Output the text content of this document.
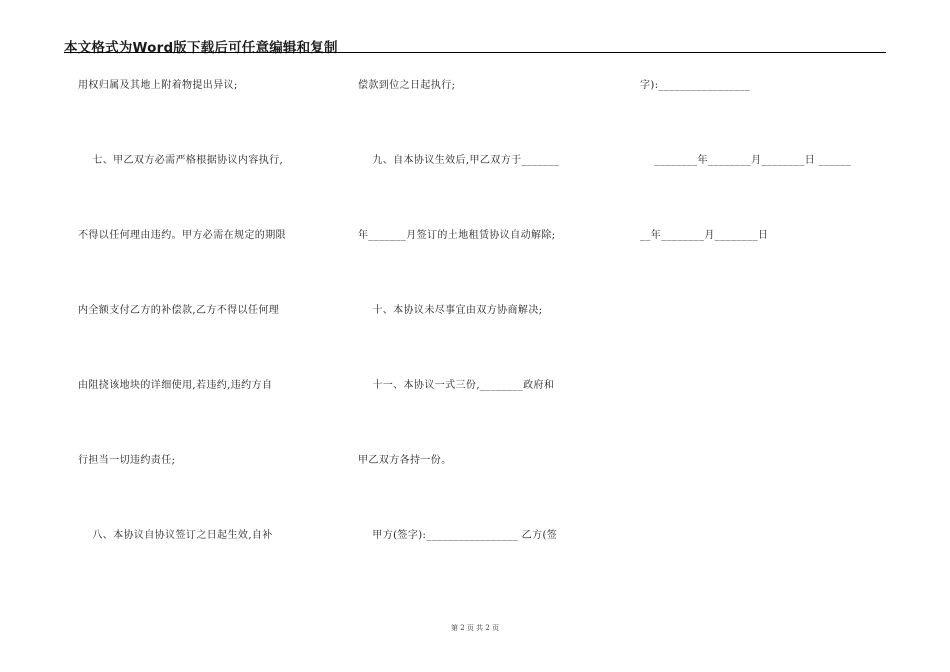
本文格式为Word版下载后可任意编辑和复制
用权归属及其地上附着物提出异议;
七、甲乙双方必需严格根据协议内容执行,
不得以任何理由违约。甲方必需在规定的期限
内全额支付乙方的补偿款,乙方不得以任何理
由阻挠该地块的详细使用,若违约,违约方自
行担当一切违约责任;
八、本协议自协议签订之日起生效,自补
偿款到位之日起执行;
九、自本协议生效后,甲乙双方于_______
年_______月签订的土地租赁协议自动解除;
十、本协议未尽事宜由双方协商解决;
十一、本协议一式三份,________政府和
甲乙双方各持一份。
甲方(签字):_________________ 乙方(签
字):_________________
________年________月________日 ______
__年________月________日
第 2 页 共 2 页
